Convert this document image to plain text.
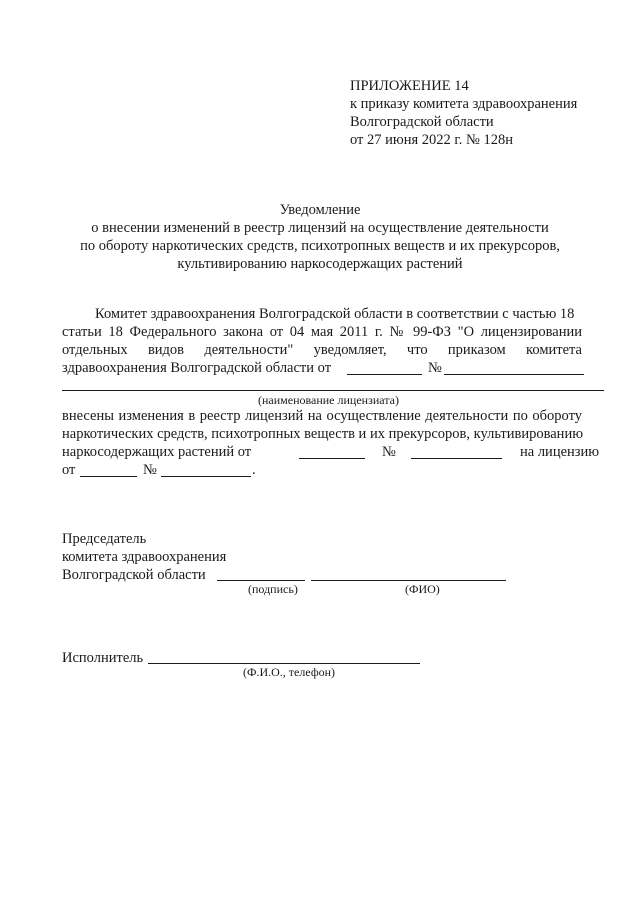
ПРИЛОЖЕНИЕ 14
к приказу комитета здравоохранения
Волгоградской области
от 27 июня 2022 г. № 128н
Уведомление
о внесении изменений в реестр лицензий на осуществление деятельности
по обороту наркотических средств, психотропных веществ и их прекурсоров,
культивированию наркосодержащих растений
Комитет здравоохранения Волгоградской области в соответствии с частью 18
статьи 18 Федерального закона от 04 мая 2011 г. № 99-ФЗ "О лицензировании
отдельных видов деятельности" уведомляет, что приказом комитета
здравоохранения Волгоградской области от	№
(наименование лицензиата)
внесены изменения в реестр лицензий на осуществление деятельности по обороту
наркотических средств, психотропных веществ и их прекурсоров, культивированию
наркосодержащих растений от	№	на лицензию
от	№	.
Председатель
комитета здравоохранения
Волгоградской области
(подпись)	(ФИО)
Исполнитель
(Ф.И.О., телефон)
